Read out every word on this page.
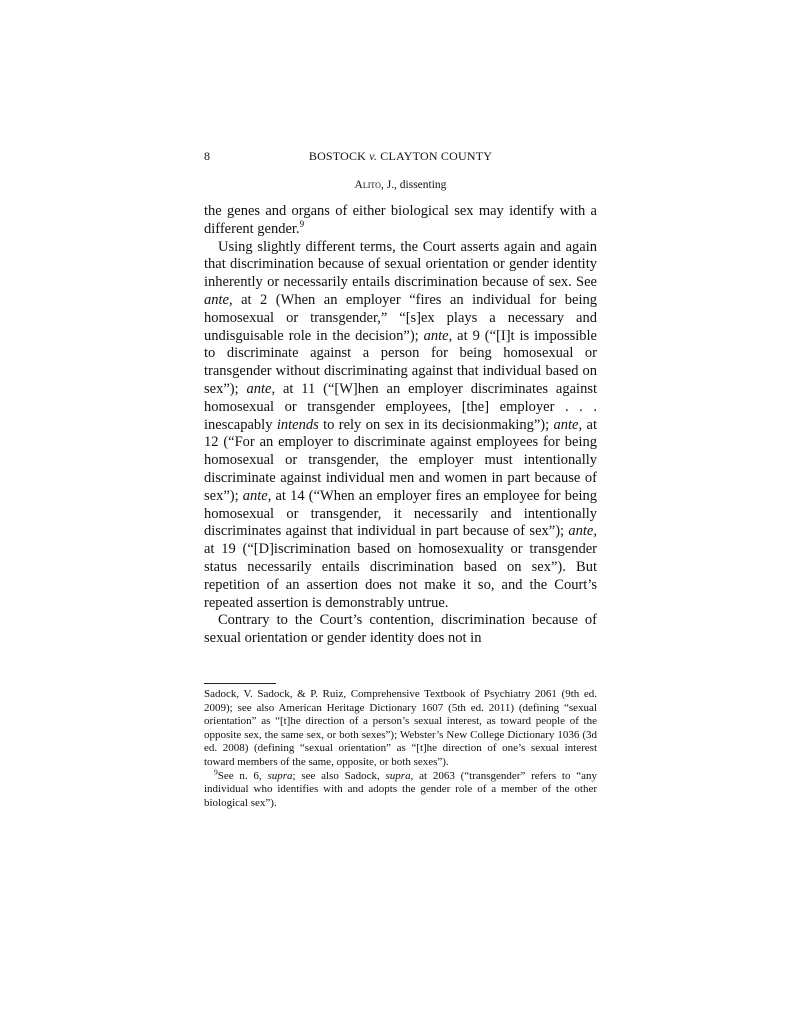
8	BOSTOCK v. CLAYTON COUNTY
Alito, J., dissenting

the genes and organs of either biological sex may identify with a different gender.$^9$

Using slightly different terms, the Court asserts again and again that discrimination because of sexual orientation or gender identity inherently or necessarily entails discrimination because of sex. See ante, at 2 (When an employer “fires an individual for being homosexual or transgender,” “[s]ex plays a necessary and undisguisable role in the decision”); ante, at 9 (“[I]t is impossible to discriminate against a person for being homosexual or transgender without discriminating against that individual based on sex”); ante, at 11 (“[W]hen an employer discriminates against homosexual or transgender employees, [the] employer . . . inescapably intends to rely on sex in its decisionmaking”); ante, at 12 (“For an employer to discriminate against employees for being homosexual or transgender, the employer must intentionally discriminate against individual men and women in part because of sex”); ante, at 14 (“When an employer fires an employee for being homosexual or transgender, it necessarily and intentionally discriminates against that individual in part because of sex”); ante, at 19 (“[D]iscrimination based on homosexuality or transgender status necessarily entails discrimination based on sex”). But repetition of an assertion does not make it so, and the Court’s repeated assertion is demonstrably untrue.

Contrary to the Court’s contention, discrimination because of sexual orientation or gender identity does not in

Sadock, V. Sadock, & P. Ruiz, Comprehensive Textbook of Psychiatry 2061 (9th ed. 2009); see also American Heritage Dictionary 1607 (5th ed. 2011) (defining “sexual orientation” as “[t]he direction of a person’s sexual interest, as toward people of the opposite sex, the same sex, or both sexes”); Webster’s New College Dictionary 1036 (3d ed. 2008) (defining “sexual orientation” as “[t]he direction of one’s sexual interest toward members of the same, opposite, or both sexes”).

$^9$See n. 6, supra; see also Sadock, supra, at 2063 (“transgender” refers to “any individual who identifies with and adopts the gender role of a member of the other biological sex”).
